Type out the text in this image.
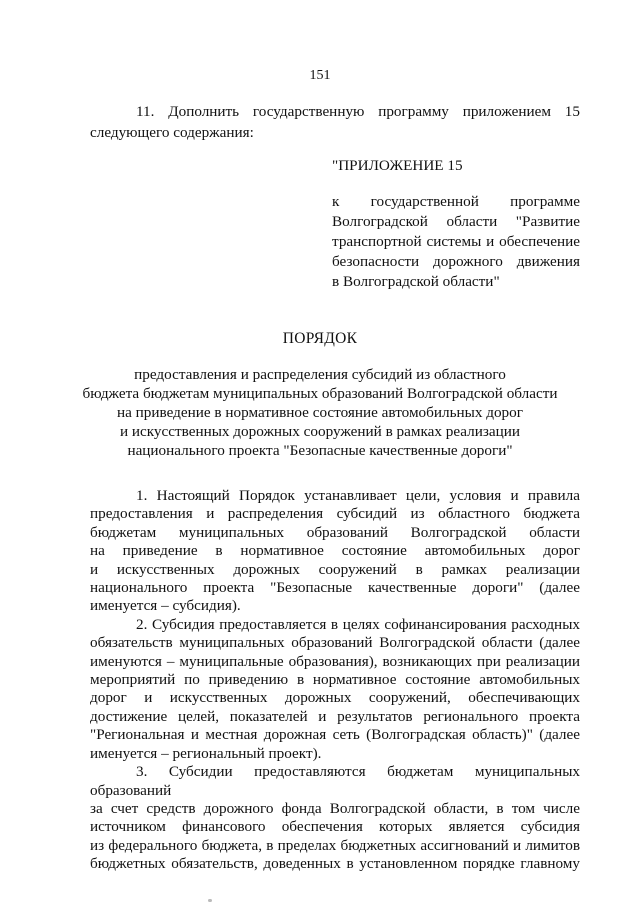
151
11. Дополнить государственную программу приложением 15
следующего содержания:
"ПРИЛОЖЕНИЕ 15
к государственной программе
Волгоградской области "Развитие
транспортной системы и обеспечение
безопасности дорожного движения
в Волгоградской области"
ПОРЯДОК
предоставления и распределения субсидий из областного
бюджета бюджетам муниципальных образований Волгоградской области
на приведение в нормативное состояние автомобильных дорог
и искусственных дорожных сооружений в рамках реализации
национального проекта "Безопасные качественные дороги"
1. Настоящий Порядок устанавливает цели, условия и правила
предоставления и распределения субсидий из областного бюджета
бюджетам муниципальных образований Волгоградской области
на приведение в нормативное состояние автомобильных дорог
и искусственных дорожных сооружений в рамках реализации
национального проекта "Безопасные качественные дороги" (далее
именуется – субсидия).
2. Субсидия предоставляется в целях софинансирования расходных
обязательств муниципальных образований Волгоградской области (далее
именуются – муниципальные образования), возникающих при реализации
мероприятий по приведению в нормативное состояние автомобильных
дорог и искусственных дорожных сооружений, обеспечивающих
достижение целей, показателей и результатов регионального проекта
"Региональная и местная дорожная сеть (Волгоградская область)" (далее
именуется – региональный проект).
3. Субсидии предоставляются бюджетам муниципальных образований
за счет средств дорожного фонда Волгоградской области, в том числе
источником финансового обеспечения которых является субсидия
из федерального бюджета, в пределах бюджетных ассигнований и лимитов
бюджетных обязательств, доведенных в установленном порядке главному
